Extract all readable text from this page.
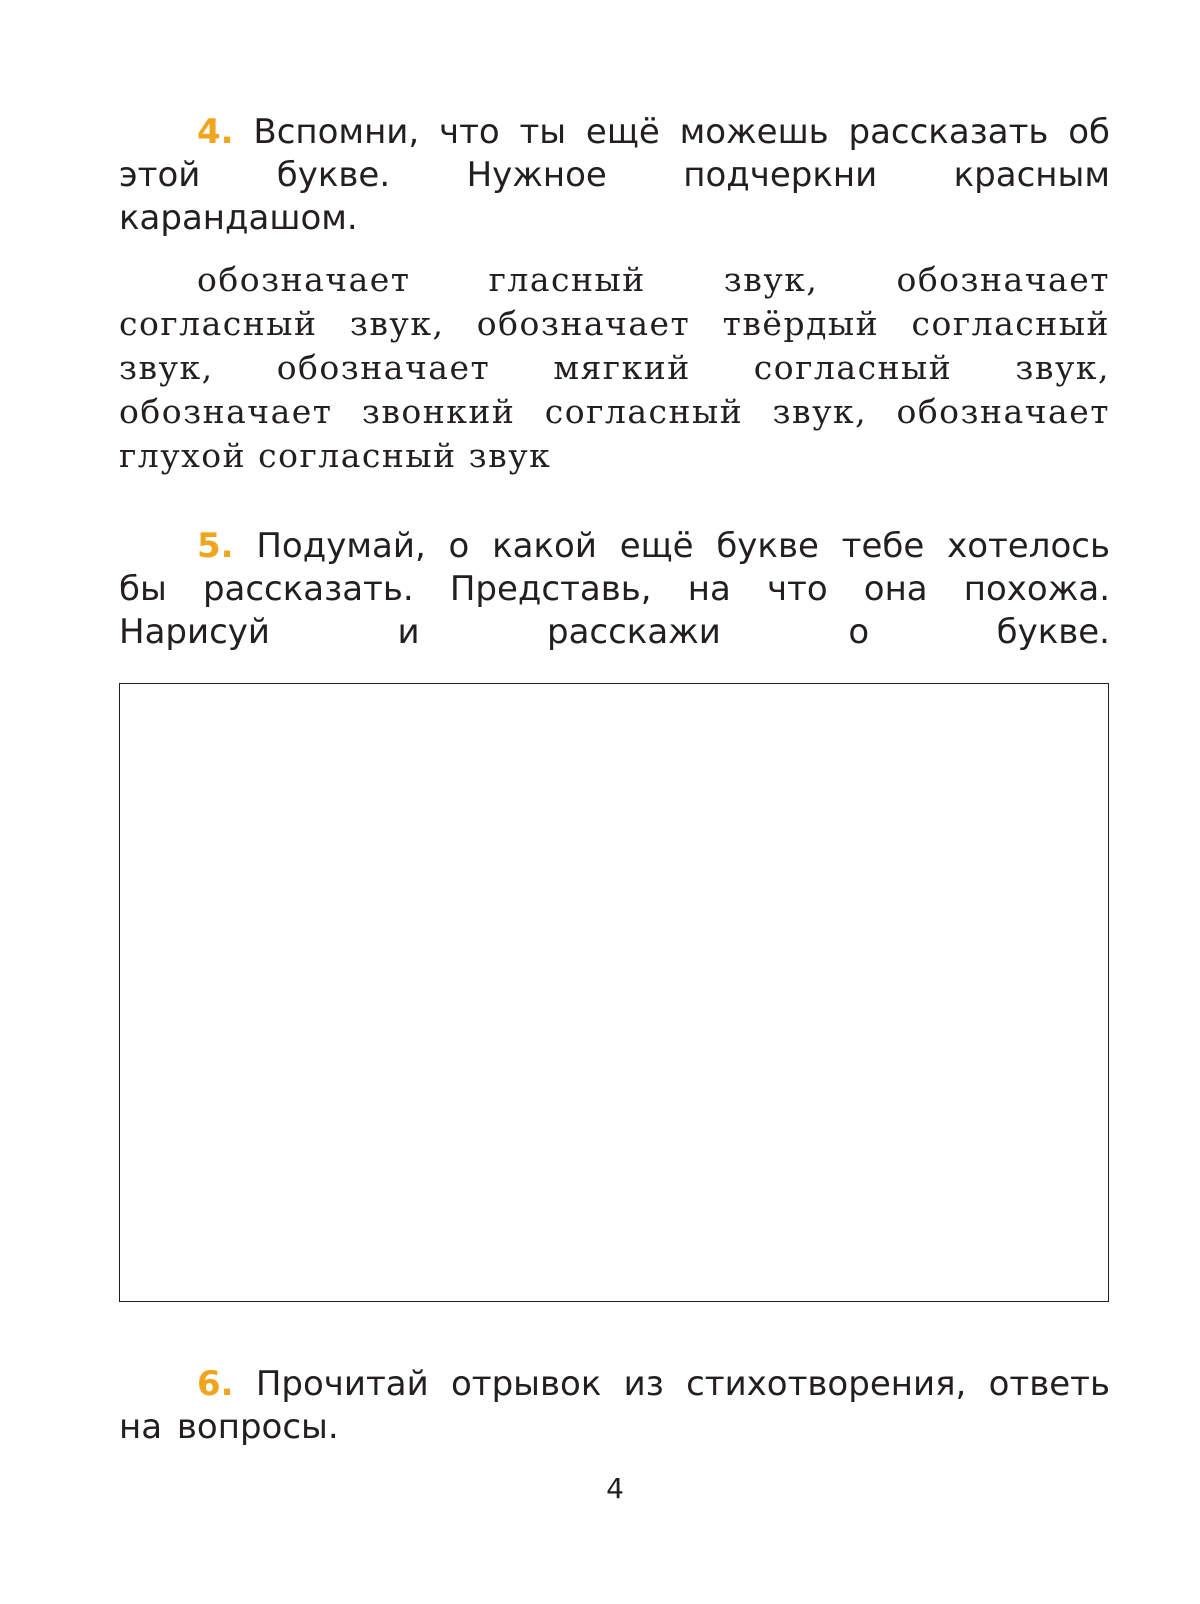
4. Вспомни, что ты ещё можешь рассказать об этой букве. Нужное подчеркни красным карандашом.

обозначает гласный звук, обозначает согласный звук, обозначает твёрдый согласный звук, обозначает мягкий согласный звук, обозначает звонкий согласный звук, обозначает глухой согласный звук

5. Подумай, о какой ещё букве тебе хотелось бы рассказать. Представь, на что она похожа. Нарисуй и расскажи о букве.

6. Прочитай отрывок из стихотворения, ответь на вопросы.

4
